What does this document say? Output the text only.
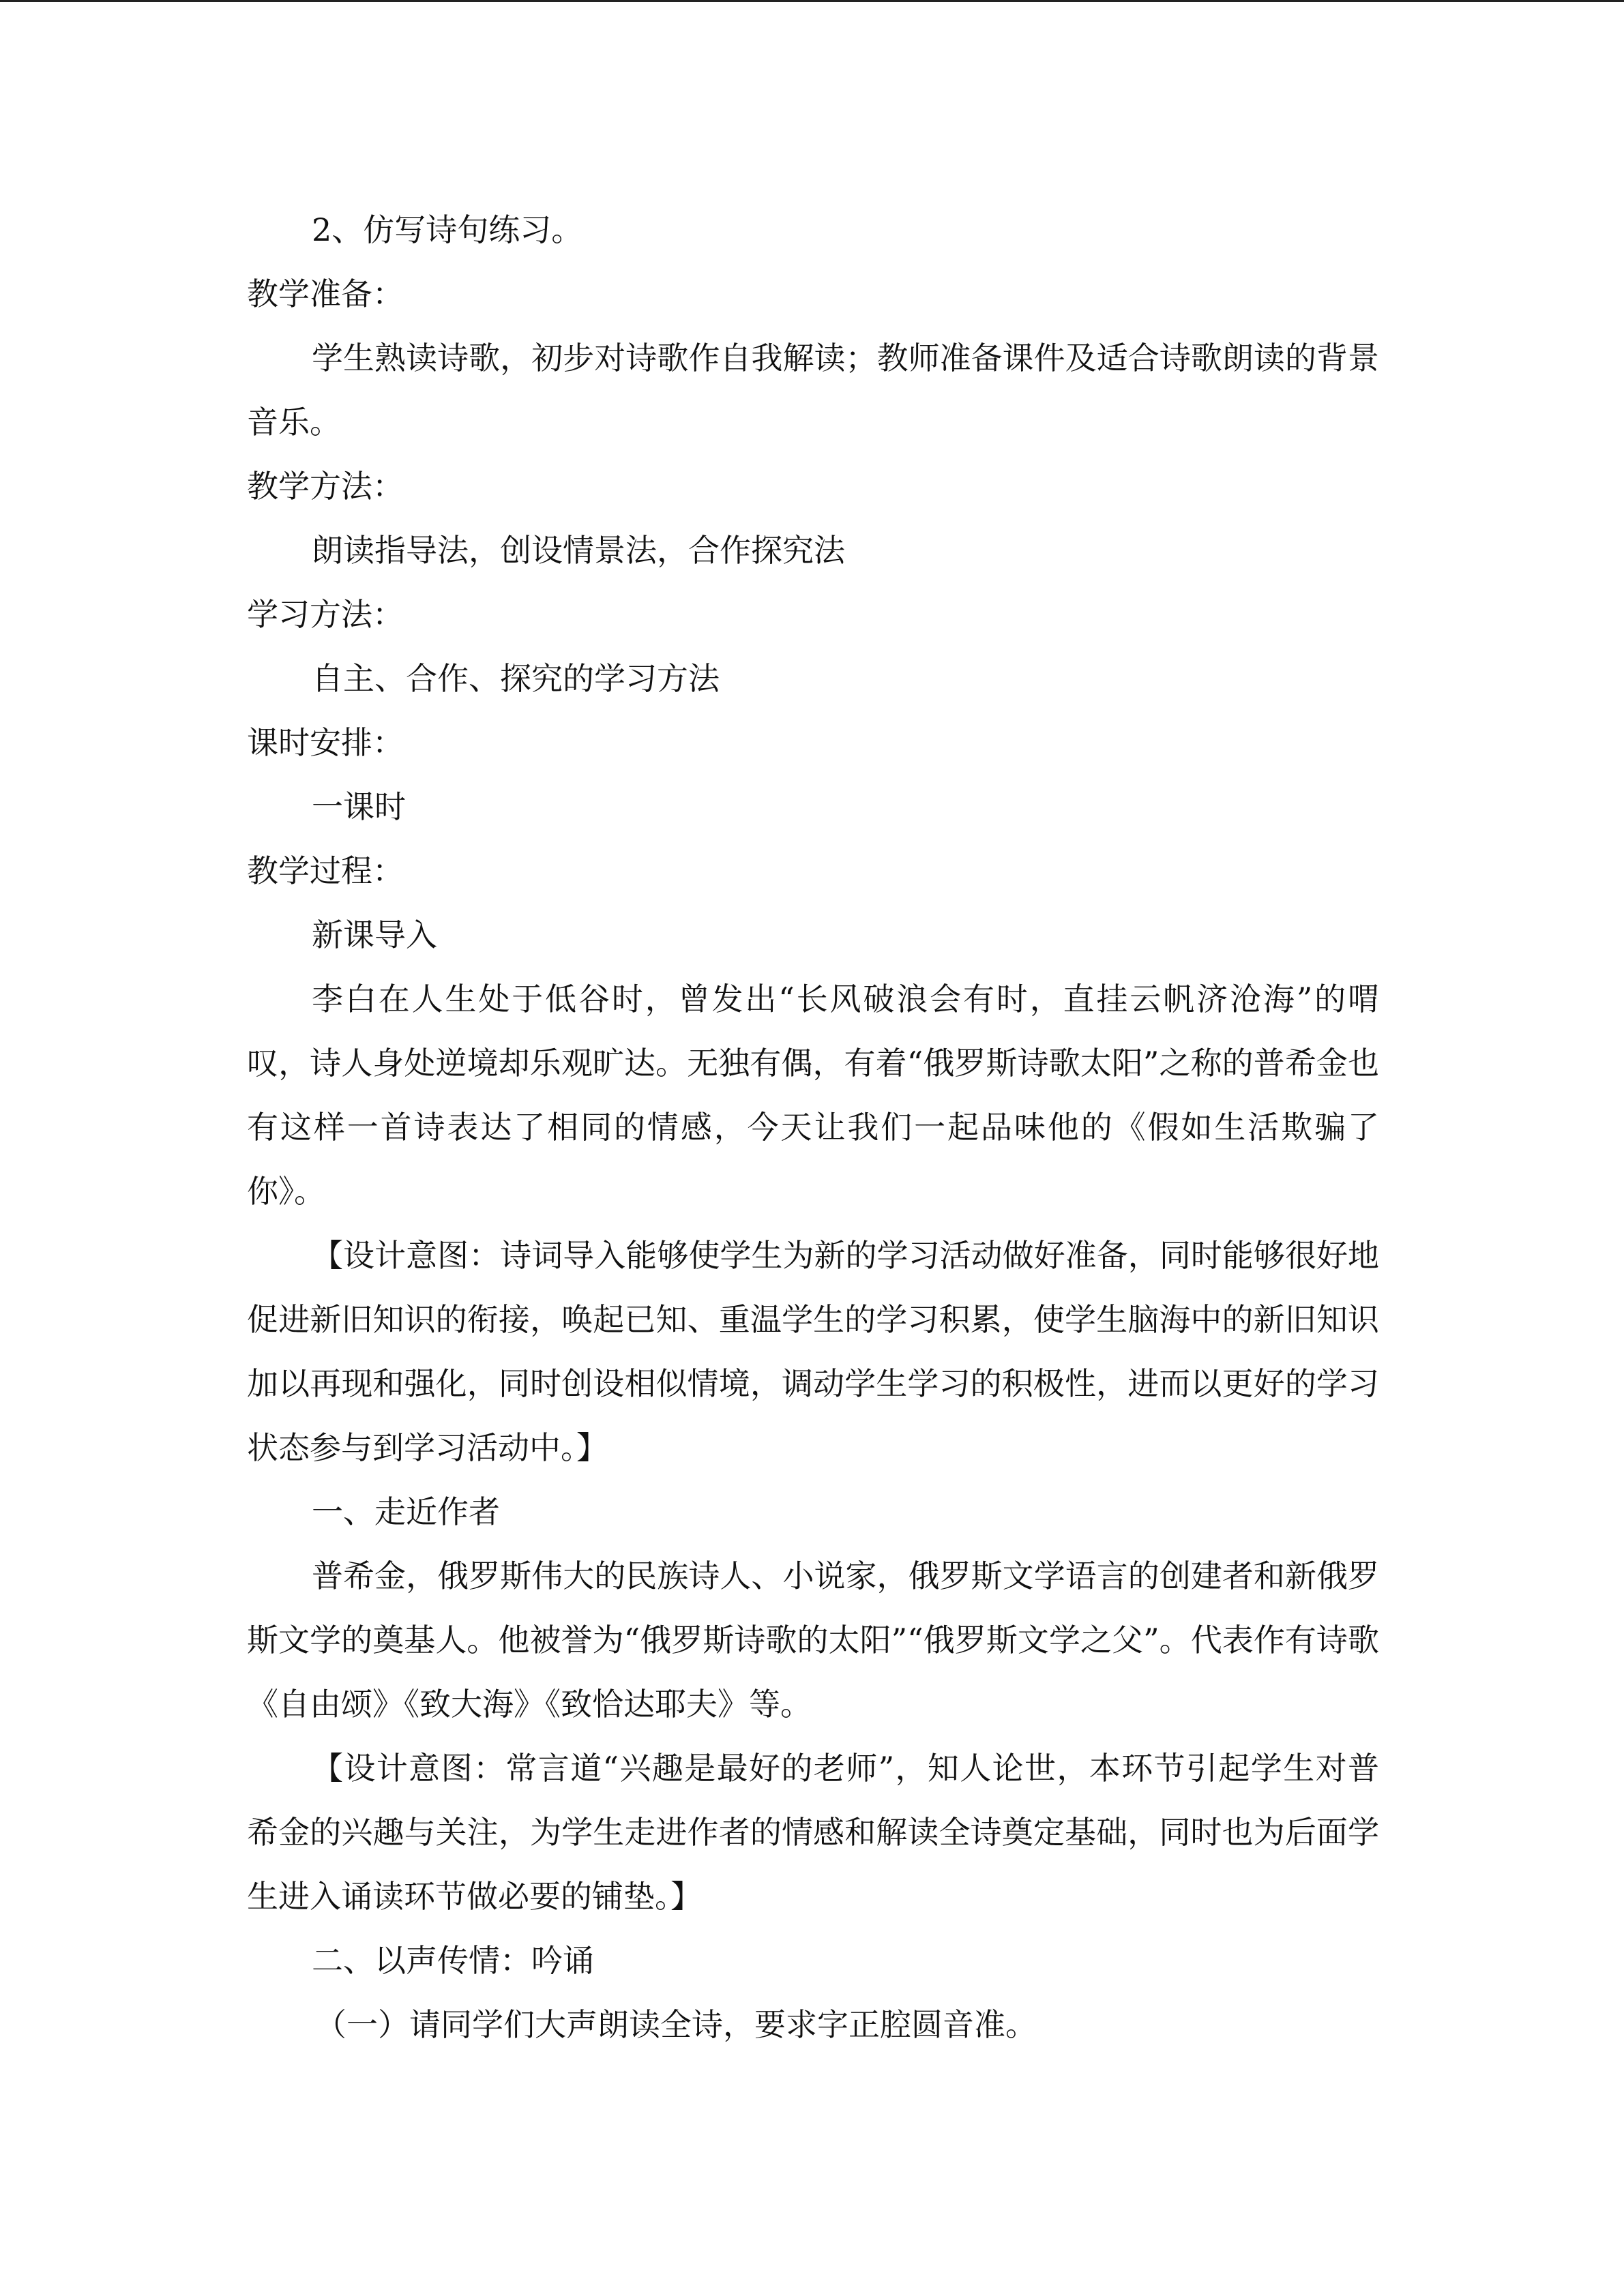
2、仿写诗句练习。

教学准备：

学生熟读诗歌，初步对诗歌作自我解读；教师准备课件及适合诗歌朗读的背景音乐。

教学方法：

朗读指导法，创设情景法，合作探究法

学习方法：

自主、合作、探究的学习方法

课时安排：

一课时

教学过程：

新课导入

李白在人生处于低谷时，曾发出“长风破浪会有时，直挂云帆济沧海”的喟叹，诗人身处逆境却乐观旷达。无独有偶，有着“俄罗斯诗歌太阳”之称的普希金也有这样一首诗表达了相同的情感，今天让我们一起品味他的《假如生活欺骗了你》。

【设计意图：诗词导入能够使学生为新的学习活动做好准备，同时能够很好地促进新旧知识的衔接，唤起已知、重温学生的学习积累，使学生脑海中的新旧知识加以再现和强化，同时创设相似情境，调动学生学习的积极性，进而以更好的学习状态参与到学习活动中。】

一、走近作者

普希金，俄罗斯伟大的民族诗人、小说家，俄罗斯文学语言的创建者和新俄罗斯文学的奠基人。他被誉为“俄罗斯诗歌的太阳”“俄罗斯文学之父”。代表作有诗歌《自由颂》《致大海》《致恰达耶夫》等。

【设计意图：常言道“兴趣是最好的老师”，知人论世，本环节引起学生对普希金的兴趣与关注，为学生走进作者的情感和解读全诗奠定基础，同时也为后面学生进入诵读环节做必要的铺垫。】

二、以声传情：吟诵

（一）请同学们大声朗读全诗，要求字正腔圆音准。
